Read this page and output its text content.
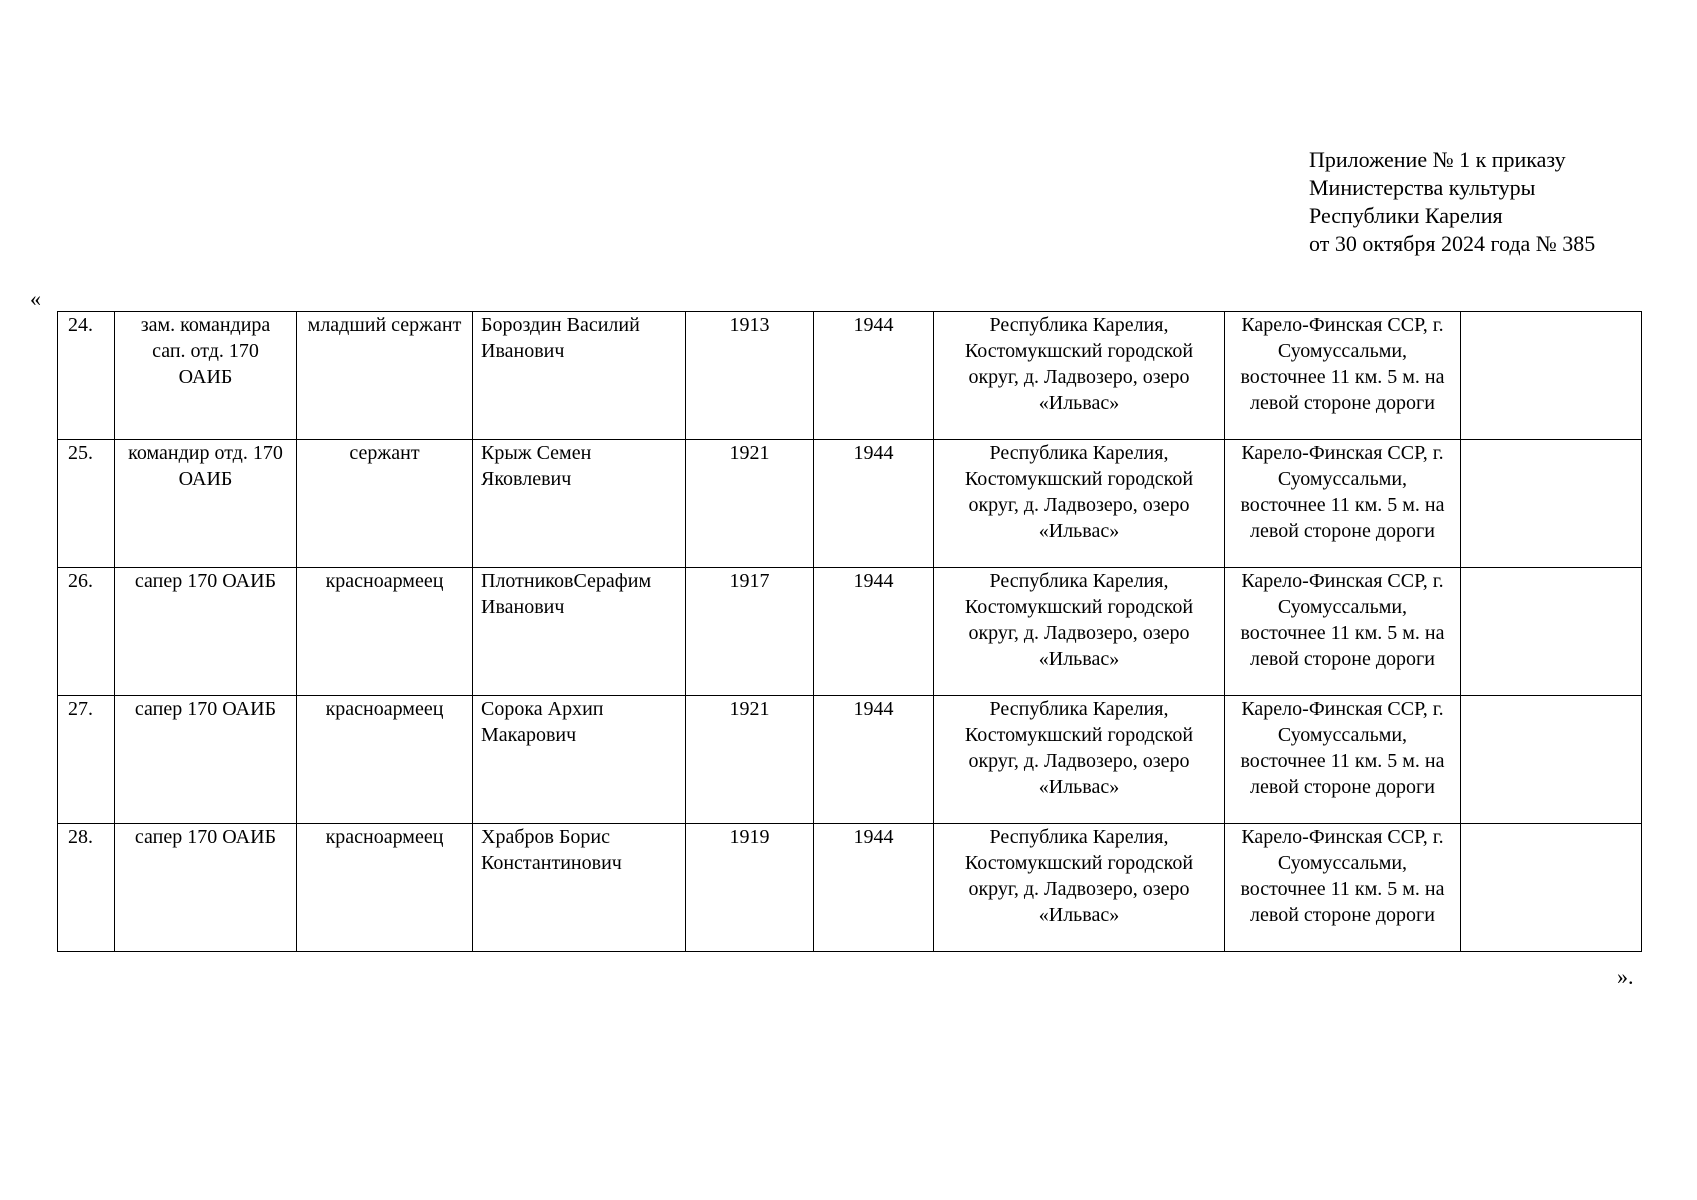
Приложение № 1 к приказу
Министерства культуры
Республики Карелия
от 30 октября 2024 года № 385
«
24.	зам. командира сап. отд. 170 ОАИБ	младший сержант	Бороздин Василий Иванович	1913	1944	Республика Карелия, Костомукшский городской округ, д. Ладвозеро, озеро «Ильвас»	Карело-Финская ССР, г. Суомуссальми, восточнее 11 км. 5 м. на левой стороне дороги	
25.	командир отд. 170 ОАИБ	сержант	Крыж Семен Яковлевич	1921	1944	Республика Карелия, Костомукшский городской округ, д. Ладвозеро, озеро «Ильвас»	Карело-Финская ССР, г. Суомуссальми, восточнее 11 км. 5 м. на левой стороне дороги	
26.	сапер 170 ОАИБ	красноармеец	ПлотниковСерафим Иванович	1917	1944	Республика Карелия, Костомукшский городской округ, д. Ладвозеро, озеро «Ильвас»	Карело-Финская ССР, г. Суомуссальми, восточнее 11 км. 5 м. на левой стороне дороги	
27.	сапер 170 ОАИБ	красноармеец	Сорока Архип Макарович	1921	1944	Республика Карелия, Костомукшский городской округ, д. Ладвозеро, озеро «Ильвас»	Карело-Финская ССР, г. Суомуссальми, восточнее 11 км. 5 м. на левой стороне дороги	
28.	сапер 170 ОАИБ	красноармеец	Храбров Борис Константинович	1919	1944	Республика Карелия, Костомукшский городской округ, д. Ладвозеро, озеро «Ильвас»	Карело-Финская ССР, г. Суомуссальми, восточнее 11 км. 5 м. на левой стороне дороги	
».
